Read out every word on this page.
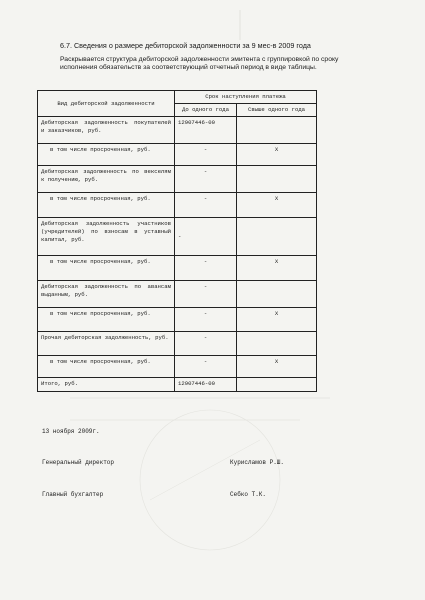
6.7. Сведения о размере дебиторской задолженности за 9 мес-в 2009 года
Раскрывается структура дебиторской задолженности эмитента с группировкой по сроку исполнения обязательств за соответствующий отчетный период в виде таблицы.
Вид дебиторской задолженности	Срок наступления платежа	
	До одного года	Свыше одного года
Дебиторская задолженность покупателей и заказчиков, руб.	12907446-00	
в том числе просроченная, руб.	-	X
Дебиторская задолженность по векселям к получению, руб.	-	
в том числе просроченная, руб.	-	X
Дебиторская задолженность участников (учредителей) по взносам в уставный капитал, руб.	-	
в том числе просроченная, руб.	-	X
Дебиторская задолженность по авансам выданным, руб.	-	
в том числе просроченная, руб.	-	X
Прочая дебиторская задолженность, руб.	-	
в том числе просроченная, руб.	-	X
Итого, руб.	12907446-00	
13 ноября 2009г.
Генеральный директор	Курисламов Р.Ш.
Главный бухгалтер	Себко Т.К.
